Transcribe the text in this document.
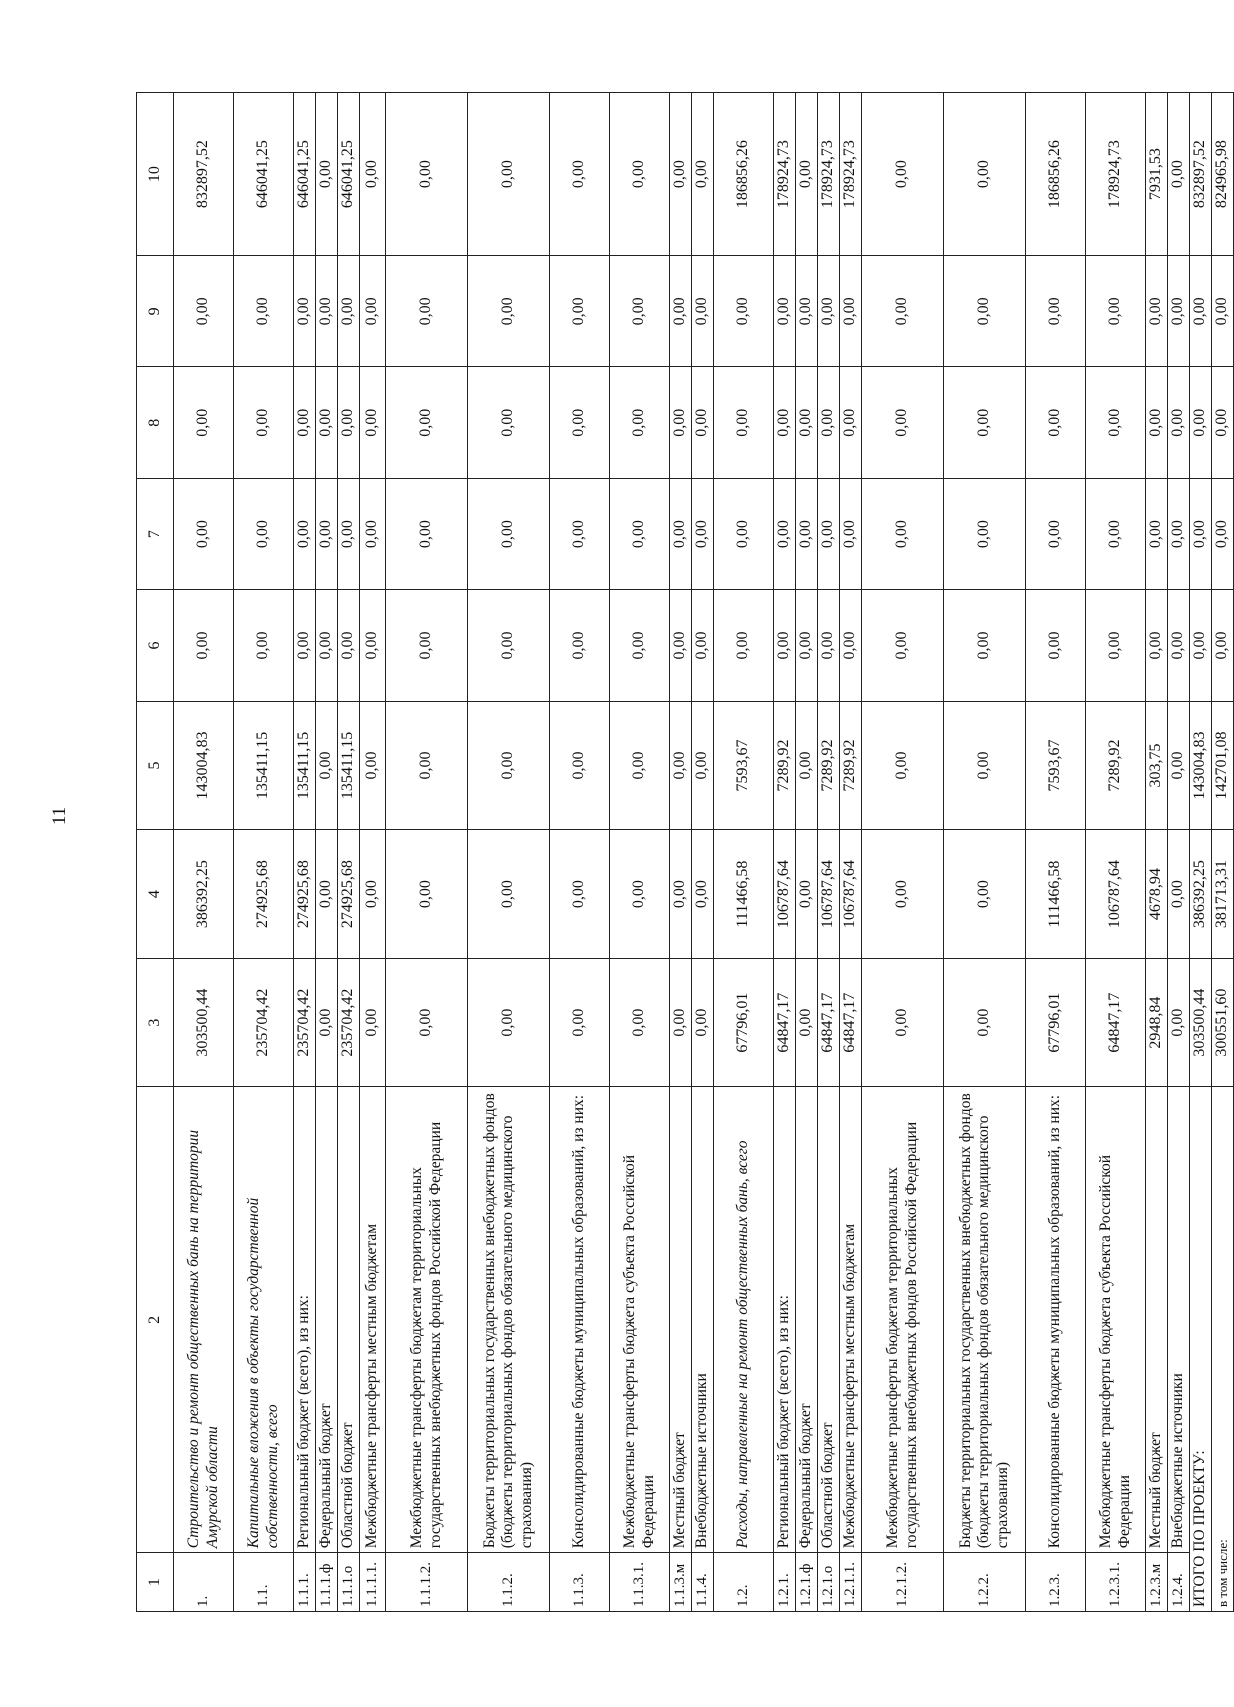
11
1	2	3	4	5	6	7	8	9	10
1.	Строительство и ремонт общественных бань на территории Амурской области	303500,44	386392,25	143004,83	0,00	0,00	0,00	0,00	832897,52
1.1.	Капитальные вложения в объекты государственной собственности, всего	235704,42	274925,68	135411,15	0,00	0,00	0,00	0,00	646041,25
1.1.1.	Региональный бюджет (всего), из них:	235704,42	274925,68	135411,15	0,00	0,00	0,00	0,00	646041,25
1.1.1.ф	Федеральный бюджет	0,00	0,00	0,00	0,00	0,00	0,00	0,00	0,00
1.1.1.о	Областной бюджет	235704,42	274925,68	135411,15	0,00	0,00	0,00	0,00	646041,25
1.1.1.1.	Межбюджетные трансферты местным бюджетам	0,00	0,00	0,00	0,00	0,00	0,00	0,00	0,00
1.1.1.2.	Межбюджетные трансферты бюджетам территориальных государственных внебюджетных фондов Российской Федерации	0,00	0,00	0,00	0,00	0,00	0,00	0,00	0,00
1.1.2.	Бюджеты территориальных государственных внебюджетных фондов (бюджеты территориальных фондов обязательного медицинского страхования)	0,00	0,00	0,00	0,00	0,00	0,00	0,00	0,00
1.1.3.	Консолидированные бюджеты муниципальных образований, из них:	0,00	0,00	0,00	0,00	0,00	0,00	0,00	0,00
1.1.3.1.	Межбюджетные трансферты бюджета субъекта Российской Федерации	0,00	0,00	0,00	0,00	0,00	0,00	0,00	0,00
1.1.3.м	Местный бюджет	0,00	0,00	0,00	0,00	0,00	0,00	0,00	0,00
1.1.4.	Внебюджетные источники	0,00	0,00	0,00	0,00	0,00	0,00	0,00	0,00
1.2.	Расходы, направленные на ремонт общественных бань, всего	67796,01	111466,58	7593,67	0,00	0,00	0,00	0,00	186856,26
1.2.1.	Региональный бюджет (всего), из них:	64847,17	106787,64	7289,92	0,00	0,00	0,00	0,00	178924,73
1.2.1.ф	Федеральный бюджет	0,00	0,00	0,00	0,00	0,00	0,00	0,00	0,00
1.2.1.о	Областной бюджет	64847,17	106787,64	7289,92	0,00	0,00	0,00	0,00	178924,73
1.2.1.1.	Межбюджетные трансферты местным бюджетам	64847,17	106787,64	7289,92	0,00	0,00	0,00	0,00	178924,73
1.2.1.2.	Межбюджетные трансферты бюджетам территориальных государственных внебюджетных фондов Российской Федерации	0,00	0,00	0,00	0,00	0,00	0,00	0,00	0,00
1.2.2.	Бюджеты территориальных государственных внебюджетных фондов (бюджеты территориальных фондов обязательного медицинского страхования)	0,00	0,00	0,00	0,00	0,00	0,00	0,00	0,00
1.2.3.	Консолидированные бюджеты муниципальных образований, из них:	67796,01	111466,58	7593,67	0,00	0,00	0,00	0,00	186856,26
1.2.3.1.	Межбюджетные трансферты бюджета субъекта Российской Федерации	64847,17	106787,64	7289,92	0,00	0,00	0,00	0,00	178924,73
1.2.3.м	Местный бюджет	2948,84	4678,94	303,75	0,00	0,00	0,00	0,00	7931,53
1.2.4.	Внебюджетные источники	0,00	0,00	0,00	0,00	0,00	0,00	0,00	0,00
ИТОГО ПО ПРОЕКТУ:		303500,44	386392,25	143004,83	0,00	0,00	0,00	0,00	832897,52
в том числе:		300551,60	381713,31	142701,08	0,00	0,00	0,00	0,00	824965,98
